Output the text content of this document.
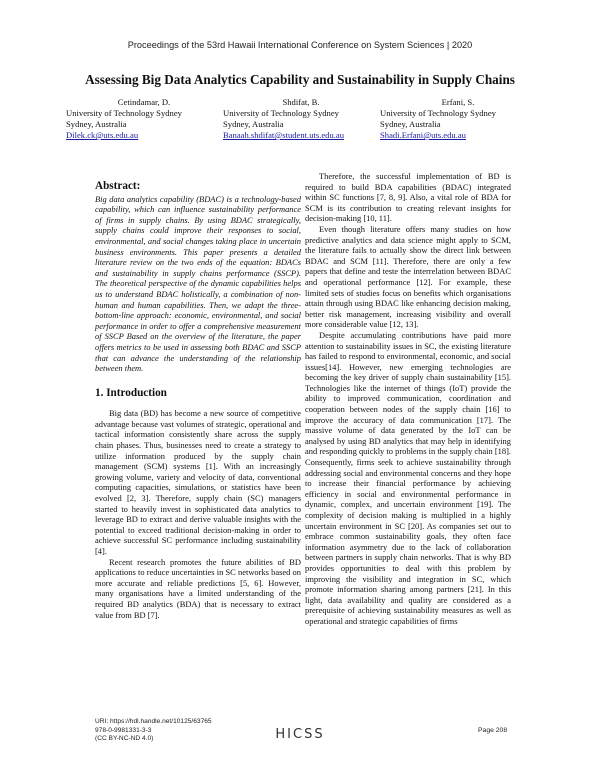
Proceedings of the 53rd Hawaii International Conference on System Sciences | 2020
Assessing Big Data Analytics Capability and Sustainability in Supply Chains
Cetindamar, D.
University of Technology Sydney
Sydney, Australia
Dilek.ck@uts.edu.au
Shdifat, B.
University of Technology Sydney
Sydney, Australia
Banaah.shdifat@student.uts.edu.au
Erfani, S.
University of Technology Sydney
Sydney, Australia
Shadi.Erfani@uts.edu.au
Abstract:

Big data analytics capability (BDAC) is a technology-based capability, which can influence sustainability performance of firms in supply chains. By using BDAC strategically, supply chains could improve their responses to social, environmental, and social changes taking place in uncertain business environments. This paper presents a detailed literature review on the two ends of the equation: BDACs and sustainability in supply chains performance (SSCP). The theoretical perspective of the dynamic capabilities helps us to understand BDAC holistically, a combination of non-human and human capabilities. Then, we adapt the three-bottom-line approach: economic, environmental, and social performance in order to offer a comprehensive measurement of SSCP Based on the overview of the literature, the paper offers metrics to be used in assessing both BDAC and SSCP that can advance the understanding of the relationship between them.

1. Introduction

Big data (BD) has become a new source of competitive advantage because vast volumes of strategic, operational and tactical information consistently share across the supply chain phases. Thus, businesses need to create a strategy to utilize information produced by the supply chain management (SCM) systems [1]. With an increasingly growing volume, variety and velocity of data, conventional computing capacities, simulations, or statistics have been evolved [2, 3]. Therefore, supply chain (SC) managers started to heavily invest in sophisticated data analytics to leverage BD to extract and derive valuable insights with the potential to exceed traditional decision-making in order to achieve successful SC performance including sustainability [4].

Recent research promotes the future abilities of BD applications to reduce uncertainties in SC networks based on more accurate and reliable predictions [5, 6]. However, many organisations have a limited understanding of the required BD analytics (BDA) that is necessary to extract value from BD [7].

Therefore, the successful implementation of BD is required to build BDA capabilities (BDAC) integrated within SC functions [7, 8, 9]. Also, a vital role of BDA for SCM is its contribution to creating relevant insights for decision-making [10, 11].

Even though literature offers many studies on how predictive analytics and data science might apply to SCM, the literature fails to actually show the direct link between BDAC and SCM [11]. Therefore, there are only a few papers that define and teste the interrelation between BDAC and operational performance [12]. For example, these limited sets of studies focus on benefits which organisations attain through using BDAC like enhancing decision making, better risk management, increasing visibility and overall more considerable value [12, 13].

Despite accumulating contributions have paid more attention to sustainability issues in SC, the existing literature has failed to respond to environmental, economic, and social issues[14]. However, new emerging technologies are becoming the key driver of supply chain sustainability [15]. Technologies like the internet of things (IoT) provide the ability to improved communication, coordination and cooperation between nodes of the supply chain [16] to improve the accuracy of data communication [17]. The massive volume of data generated by the IoT can be analysed by using BD analytics that may help in identifying and responding quickly to problems in the supply chain [18]. Consequently, firms seek to achieve sustainability through addressing social and environmental concerns and they hope to increase their financial performance by achieving efficiency in social and environmental performance in dynamic, complex, and uncertain environment [19]. The complexity of decision making is multiplied in a highly uncertain environment in SC [20]. As companies set out to embrace common sustainability goals, they often face information asymmetry due to the lack of collaboration between partners in supply chain networks. That is why BD provides opportunities to deal with this problem by improving the visibility and integration in SC, which promote information sharing among partners [21]. In this light, data availability and quality are considered as a prerequisite of achieving sustainability measures as well as operational and strategic capabilities of firms

URI: https://hdl.handle.net/10125/63765
978-0-9981331-3-3
(CC BY-NC-ND 4.0)	HICSS	Page 208
